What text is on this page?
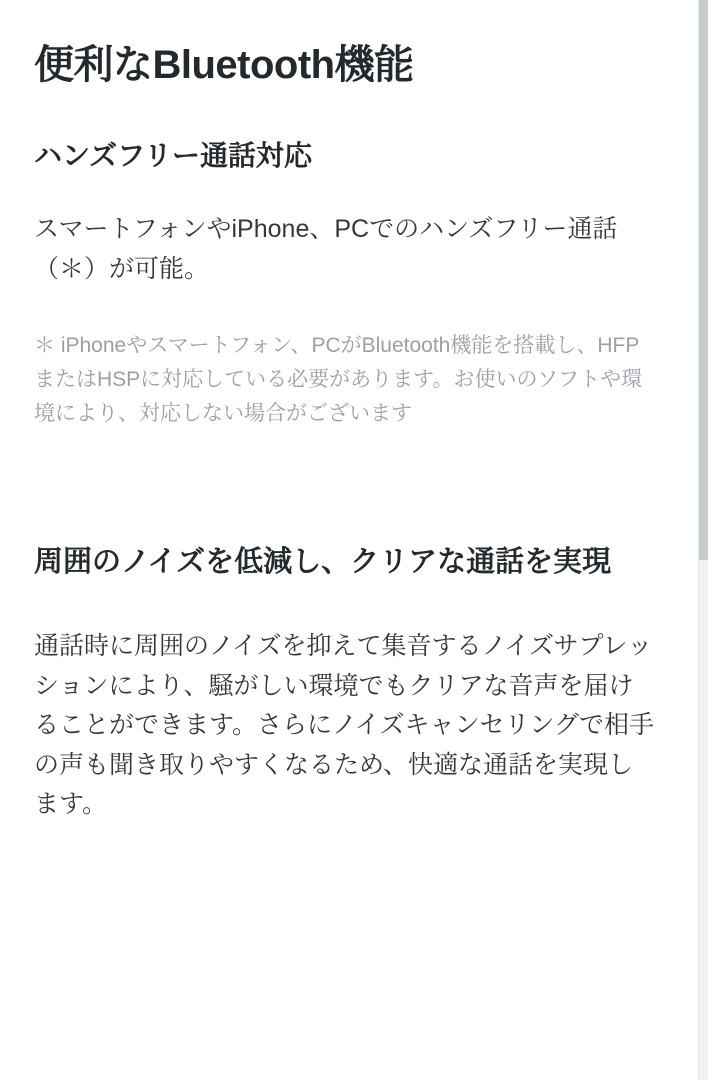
便利なBluetooth機能
ハンズフリー通話対応

スマートフォンやiPhone、PCでのハンズフリー通話（＊）が可能。

＊ iPhoneやスマートフォン、PCがBluetooth機能を搭載し、HFPまたはHSPに対応している必要があります。お使いのソフトや環境により、対応しない場合がございます

周囲のノイズを低減し、クリアな通話を実現

通話時に周囲のノイズを抑えて集音するノイズサプレッションにより、騒がしい環境でもクリアな音声を届けることができます。さらにノイズキャンセリングで相手の声も聞き取りやすくなるため、快適な通話を実現します。
